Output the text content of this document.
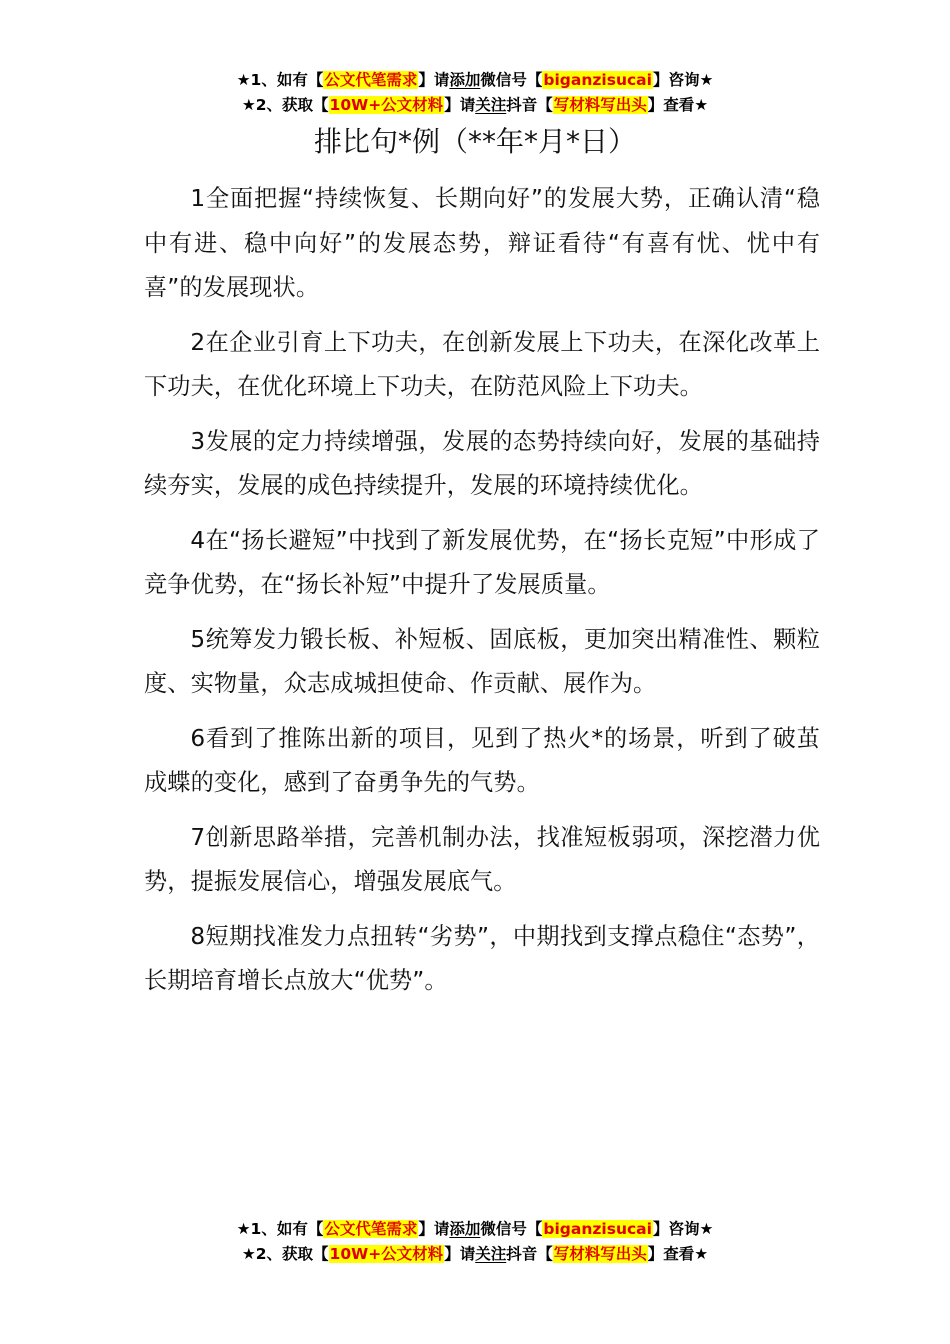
★1、如有【公文代笔需求】请添加微信号【biganzisucai】咨询★
★2、获取【10W+公文材料】请关注抖音【写材料写出头】查看★
排比句*例（**年*月*日）

1全面把握“持续恢复、长期向好”的发展大势，正确认清“稳中有进、稳中向好”的发展态势，辩证看待“有喜有忧、忧中有喜”的发展现状。

2在企业引育上下功夫，在创新发展上下功夫，在深化改革上下功夫，在优化环境上下功夫，在防范风险上下功夫。

3发展的定力持续增强，发展的态势持续向好，发展的基础持续夯实，发展的成色持续提升，发展的环境持续优化。

4在“扬长避短”中找到了新发展优势，在“扬长克短”中形成了竞争优势，在“扬长补短”中提升了发展质量。

5统筹发力锻长板、补短板、固底板，更加突出精准性、颗粒度、实物量，众志成城担使命、作贡献、展作为。

6看到了推陈出新的项目，见到了热火*的场景，听到了破茧成蝶的变化，感到了奋勇争先的气势。

7创新思路举措，完善机制办法，找准短板弱项，深挖潜力优势，提振发展信心，增强发展底气。

8短期找准发力点扭转“劣势”，中期找到支撑点稳住“态势”，长期培育增长点放大“优势”。

★1、如有【公文代笔需求】请添加微信号【biganzisucai】咨询★
★2、获取【10W+公文材料】请关注抖音【写材料写出头】查看★
